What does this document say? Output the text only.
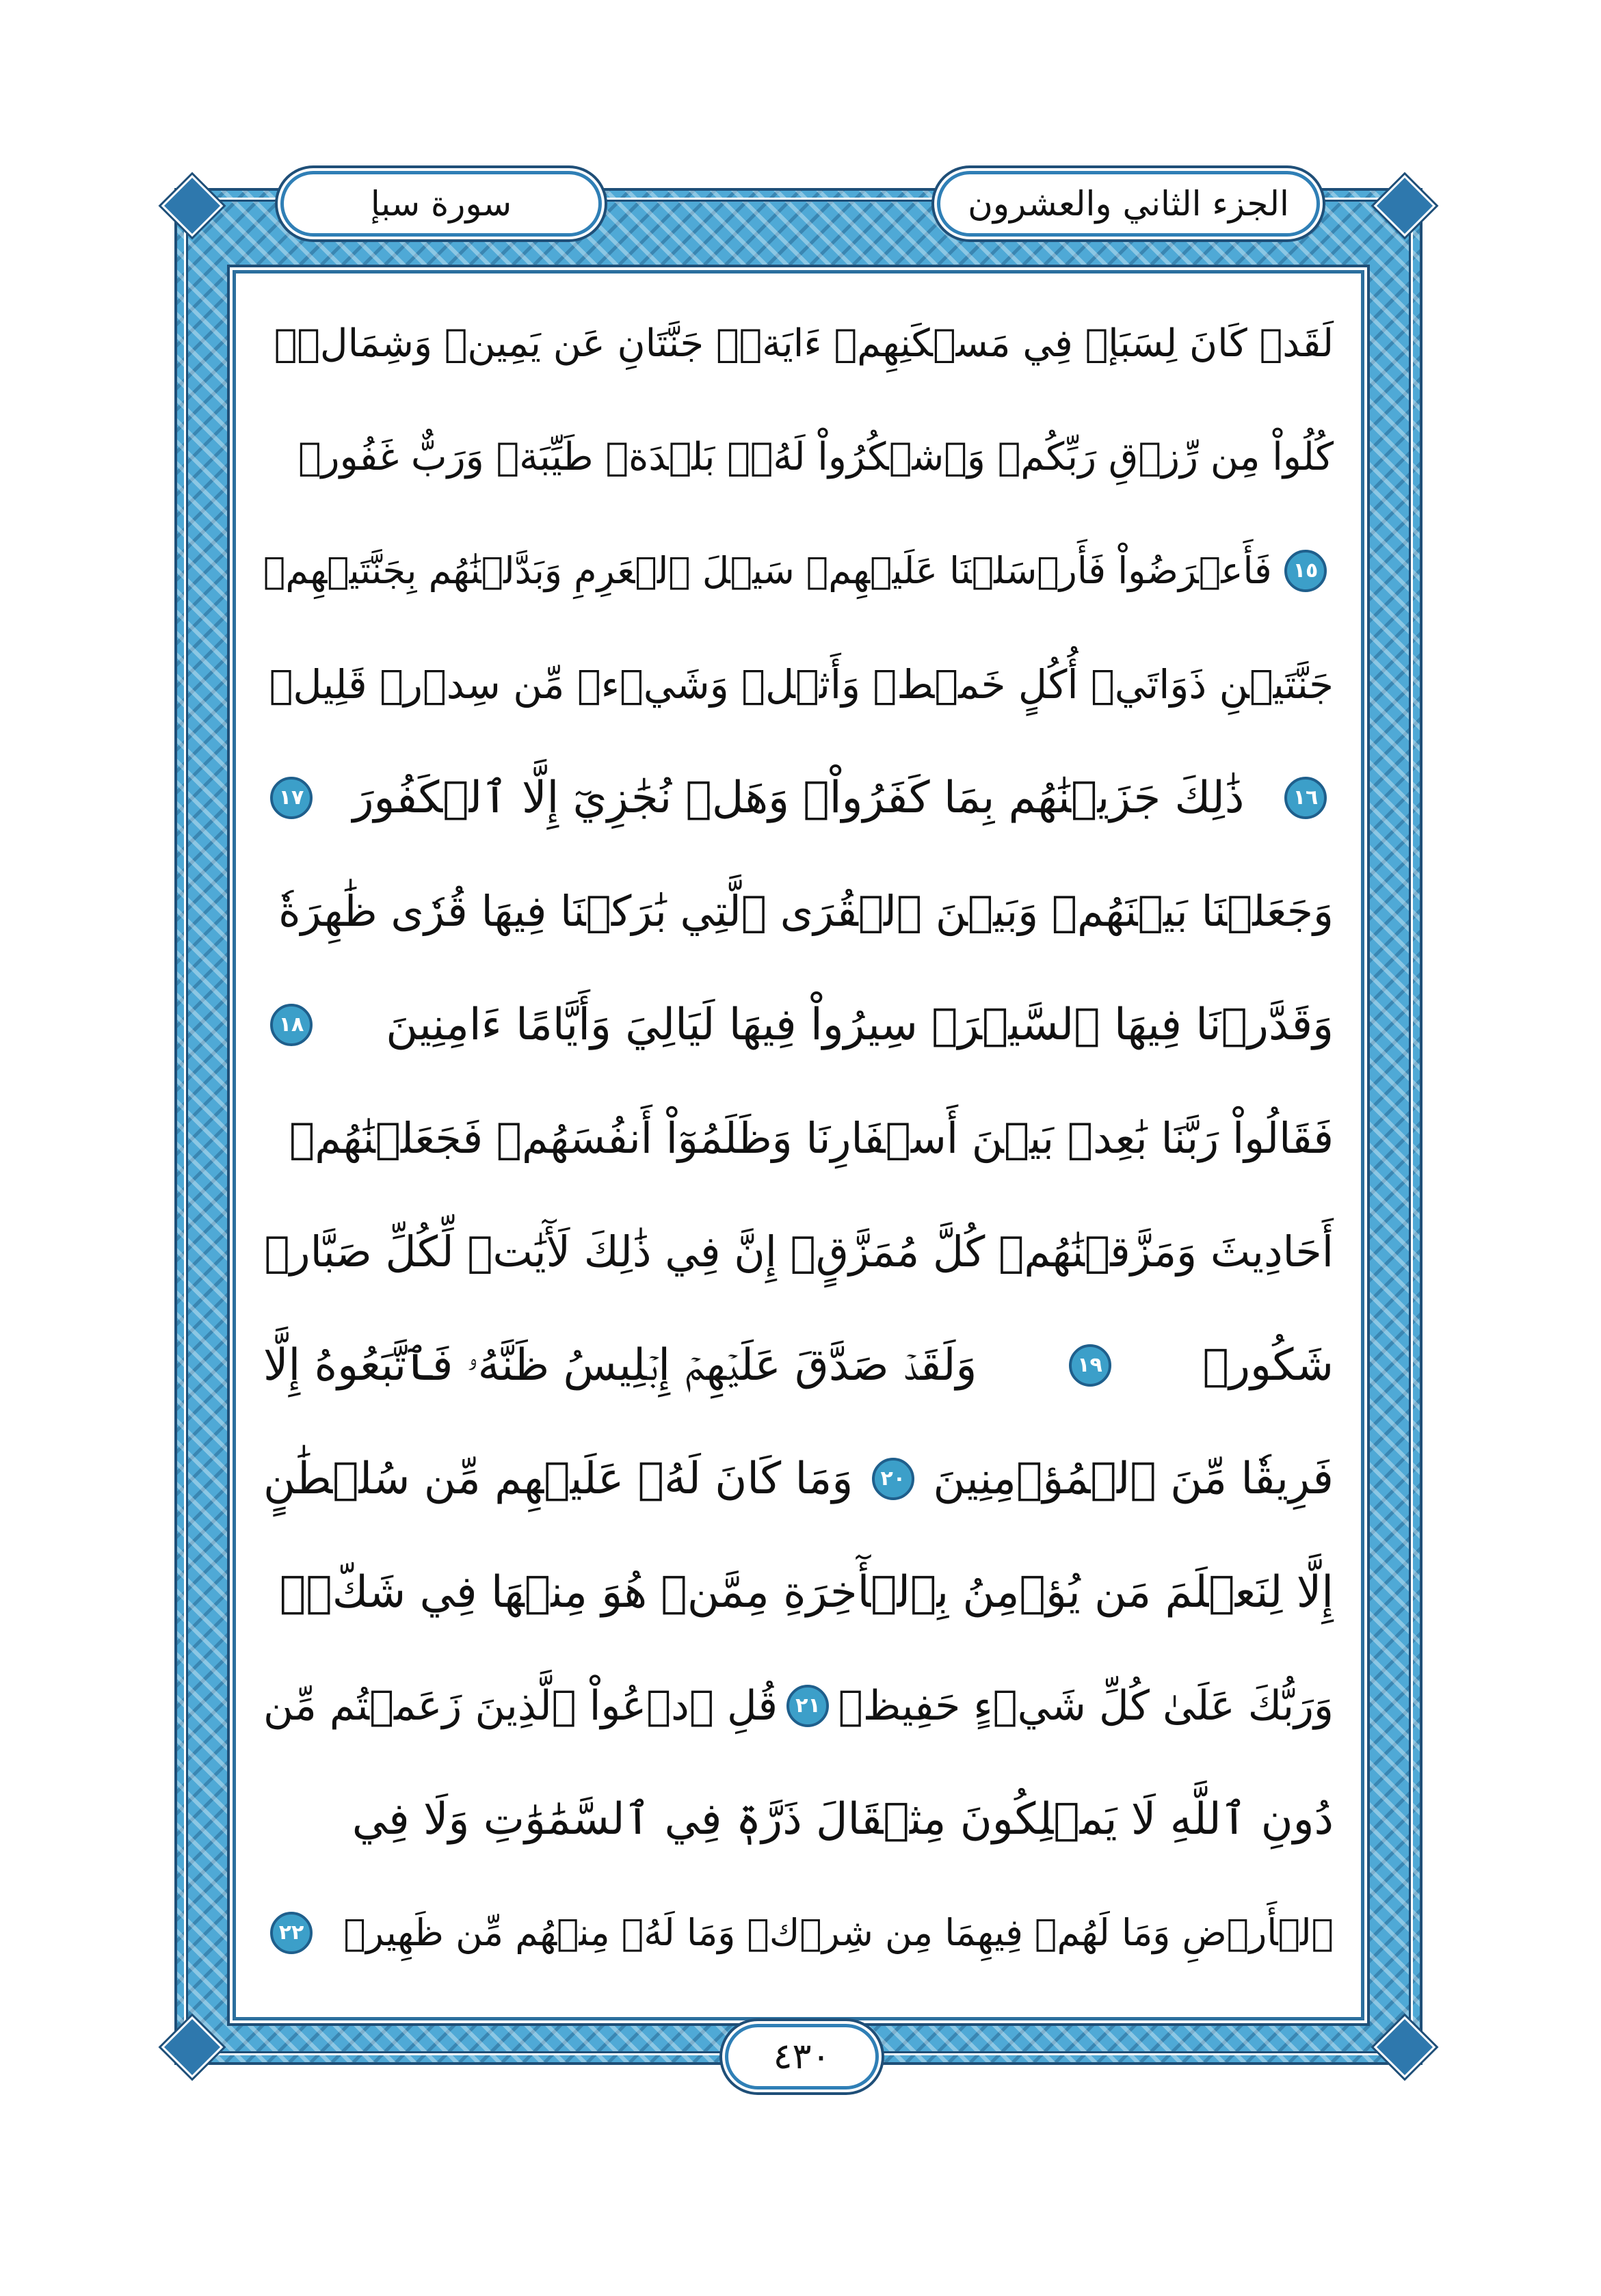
الجزء الثاني والعشرون
سورة سبإ
لَقَدۡ كَانَ لِسَبَإٖ فِي مَسۡكَنِهِمۡ ءَايَةٞۖ جَنَّتَانِ عَن يَمِينٖ وَشِمَالٖۖ
كُلُواْ مِن رِّزۡقِ رَبِّكُمۡ وَٱشۡكُرُواْ لَهُۥۚ بَلۡدَةٞ طَيِّبَةٞ وَرَبٌّ غَفُورٞ
١٥
فَأَعۡرَضُواْ فَأَرۡسَلۡنَا عَلَيۡهِمۡ سَيۡلَ ٱلۡعَرِمِ وَبَدَّلۡنَٰهُم بِجَنَّتَيۡهِمۡ
جَنَّتَيۡنِ ذَوَاتَيۡ أُكُلٍ خَمۡطٖ وَأَثۡلٖ وَشَيۡءٖ مِّن سِدۡرٖ قَلِيلٖ
١٦
ذَٰلِكَ جَزَيۡنَٰهُم بِمَا كَفَرُواْۖ وَهَلۡ نُجَٰزِيٓ إِلَّا ٱلۡكَفُورَ
١٧
وَجَعَلۡنَا بَيۡنَهُمۡ وَبَيۡنَ ٱلۡقُرَى ٱلَّتِي بَٰرَكۡنَا فِيهَا قُرٗى ظَٰهِرَةٗ
وَقَدَّرۡنَا فِيهَا ٱلسَّيۡرَۖ سِيرُواْ فِيهَا لَيَالِيَ وَأَيَّامًا ءَامِنِينَ
١٨
فَقَالُواْ رَبَّنَا بَٰعِدۡ بَيۡنَ أَسۡفَارِنَا وَظَلَمُوٓاْ أَنفُسَهُمۡ فَجَعَلۡنَٰهُمۡ
أَحَادِيثَ وَمَزَّقۡنَٰهُمۡ كُلَّ مُمَزَّقٍۚ إِنَّ فِي ذَٰلِكَ لَأٓيَٰتٖ لِّكُلِّ صَبَّارٖ
شَكُورٖ
١٩
وَلَقَدۡ صَدَّقَ عَلَيۡهِمۡ إِبۡلِيسُ ظَنَّهُۥ فَٱتَّبَعُوهُ إِلَّا
فَرِيقٗا مِّنَ ٱلۡمُؤۡمِنِينَ
٢٠
وَمَا كَانَ لَهُۥ عَلَيۡهِم مِّن سُلۡطَٰنٍ
إِلَّا لِنَعۡلَمَ مَن يُؤۡمِنُ بِٱلۡأٓخِرَةِ مِمَّنۡ هُوَ مِنۡهَا فِي شَكّٖۗ
وَرَبُّكَ عَلَىٰ كُلِّ شَيۡءٍ حَفِيظٞ
٢١
قُلِ ٱدۡعُواْ ٱلَّذِينَ زَعَمۡتُم مِّن
دُونِ ٱللَّهِ لَا يَمۡلِكُونَ مِثۡقَالَ ذَرَّةٖ فِي ٱلسَّمَٰوَٰتِ وَلَا فِي
ٱلۡأَرۡضِ وَمَا لَهُمۡ فِيهِمَا مِن شِرۡكٖ وَمَا لَهُۥ مِنۡهُم مِّن ظَهِيرٖ
٢٢
٤٣٠
